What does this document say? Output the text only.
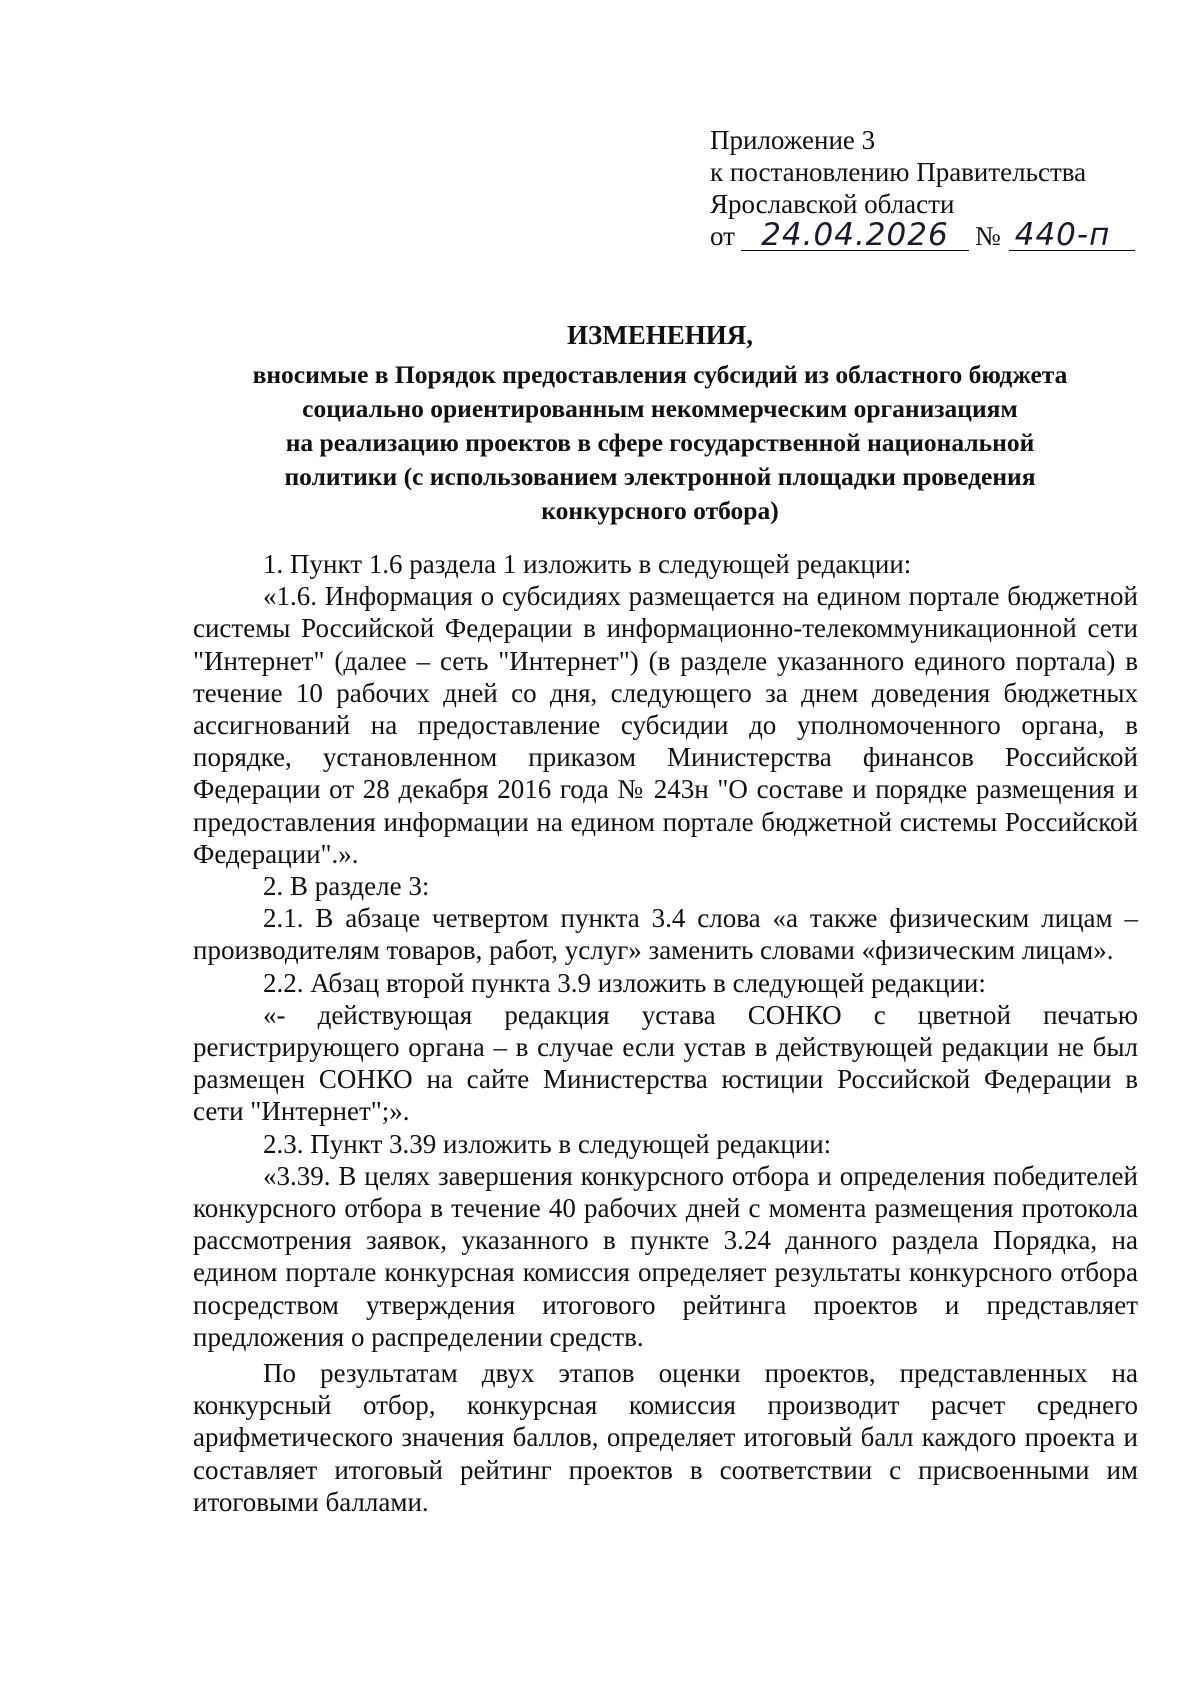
Приложение 3
к постановлению Правительства
Ярославской области
от 24.04.2026 № 440-п
ИЗМЕНЕНИЯ,
вносимые в Порядок предоставления субсидий из областного бюджета
социально ориентированным некоммерческим организациям
на реализацию проектов в сфере государственной национальной
политики (с использованием электронной площадки проведения
конкурсного отбора)

1. Пункт 1.6 раздела 1 изложить в следующей редакции:

«1.6. Информация о субсидиях размещается на едином портале бюджетной системы Российской Федерации в информационно-телекоммуникационной сети "Интернет" (далее – сеть "Интернет") (в разделе указанного единого портала) в течение 10 рабочих дней со дня, следующего за днем доведения бюджетных ассигнований на предоставление субсидии до уполномоченного органа, в порядке, установленном приказом Министерства финансов Российской Федерации от 28 декабря 2016 года № 243н "О составе и порядке размещения и предоставления информации на едином портале бюджетной системы Российской Федерации".».

2. В разделе 3:

2.1. В абзаце четвертом пункта 3.4 слова «а также физическим лицам – производителям товаров, работ, услуг» заменить словами «физическим лицам».

2.2. Абзац второй пункта 3.9 изложить в следующей редакции:

«- действующая редакция устава СОНКО с цветной печатью регистрирующего органа – в случае если устав в действующей редакции не был размещен СОНКО на сайте Министерства юстиции Российской Федерации в сети "Интернет";».

2.3. Пункт 3.39 изложить в следующей редакции:

«3.39. В целях завершения конкурсного отбора и определения победителей конкурсного отбора в течение 40 рабочих дней с момента размещения протокола рассмотрения заявок, указанного в пункте 3.24 данного раздела Порядка, на едином портале конкурсная комиссия определяет результаты конкурсного отбора посредством утверждения итогового рейтинга проектов и представляет предложения о распределении средств.

По результатам двух этапов оценки проектов, представленных на конкурсный отбор, конкурсная комиссия производит расчет среднего арифметического значения баллов, определяет итоговый балл каждого проекта и составляет итоговый рейтинг проектов в соответствии с присвоенными им итоговыми баллами.
